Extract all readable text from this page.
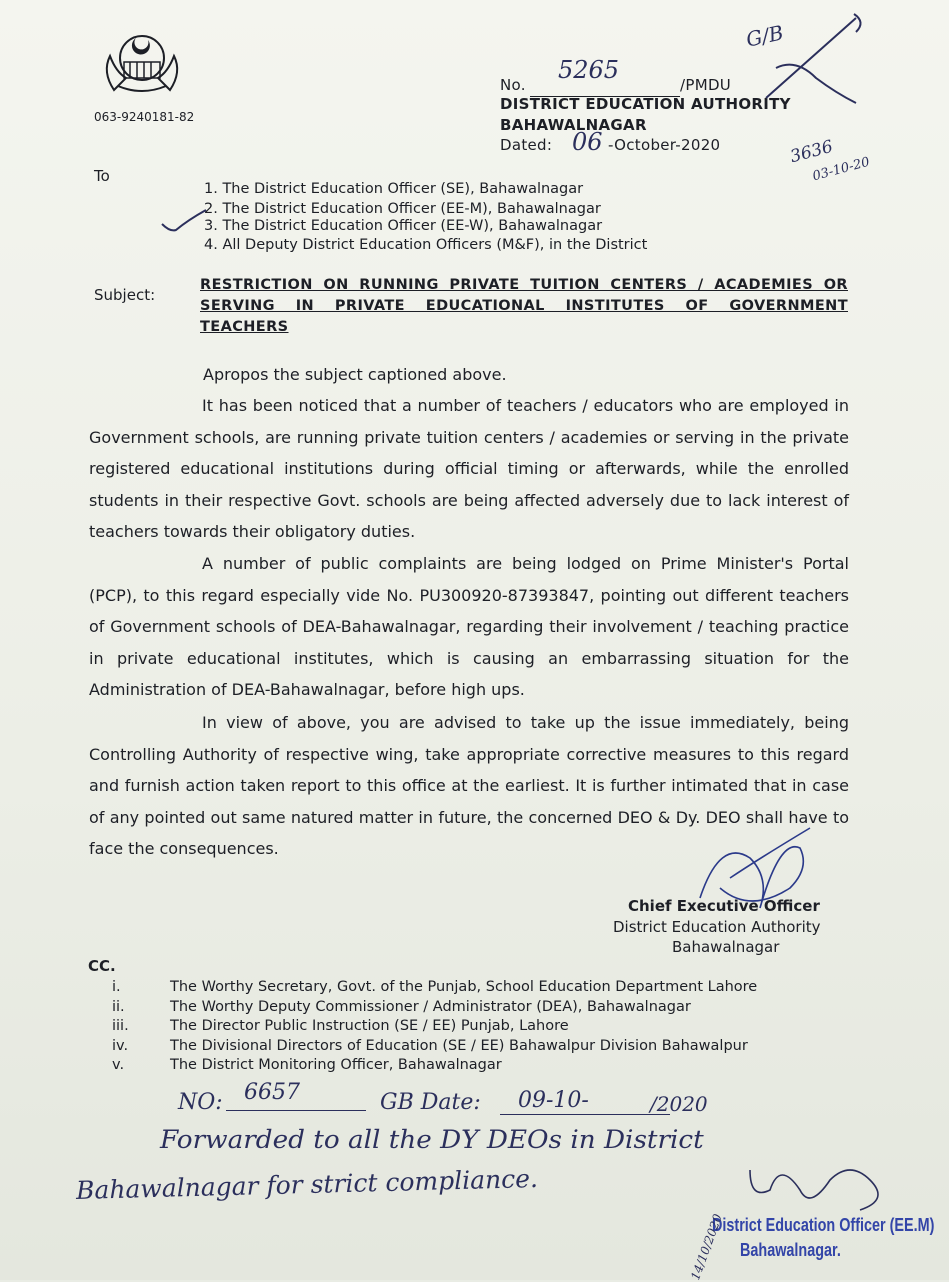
063-9240181-82
No.
5265
/PMDU
DISTRICT EDUCATION AUTHORITY
BAHAWALNAGAR
Dated: 06 -October-2020
G/B
3636
03-10-20
To
1. The District Education Officer (SE), Bahawalnagar
2. The District Education Officer (EE-M), Bahawalnagar
3. The District Education Officer (EE-W), Bahawalnagar
4. All Deputy District Education Officers (M&F), in the District
Subject:
RESTRICTION ON RUNNING PRIVATE TUITION CENTERS / ACADEMIES OR SERVING IN PRIVATE EDUCATIONAL INSTITUTES OF GOVERNMENT TEACHERS
Apropos the subject captioned above.
It has been noticed that a number of teachers / educators who are employed in Government schools, are running private tuition centers / academies or serving in the private registered educational institutions during official timing or afterwards, while the enrolled students in their respective Govt. schools are being affected adversely due to lack interest of teachers towards their obligatory duties.
A number of public complaints are being lodged on Prime Minister's Portal (PCP), to this regard especially vide No. PU300920-87393847, pointing out different teachers of Government schools of DEA-Bahawalnagar, regarding their involvement / teaching practice in private educational institutes, which is causing an embarrassing situation for the Administration of DEA-Bahawalnagar, before high ups.
In view of above, you are advised to take up the issue immediately, being Controlling Authority of respective wing, take appropriate corrective measures to this regard and furnish action taken report to this office at the earliest. It is further intimated that in case of any pointed out same natured matter in future, the concerned DEO & Dy. DEO shall have to face the consequences.
Chief Executive Officer
District Education Authority
Bahawalnagar
CC.
i.	The Worthy Secretary, Govt. of the Punjab, School Education Department Lahore
ii.	The Worthy Deputy Commissioner / Administrator (DEA), Bahawalnagar
iii.	The Director Public Instruction (SE / EE) Punjab, Lahore
iv.	The Divisional Directors of Education (SE / EE) Bahawalpur Division Bahawalpur
v.	The District Monitoring Officer, Bahawalnagar
NO: 6657	GB Date: 09-10-	/2020
Forwarded to all the DY DEOs in District
Bahawalnagar for strict compliance.
District Education Officer (EE.M)
Bahawalnagar.
14/10/2020
